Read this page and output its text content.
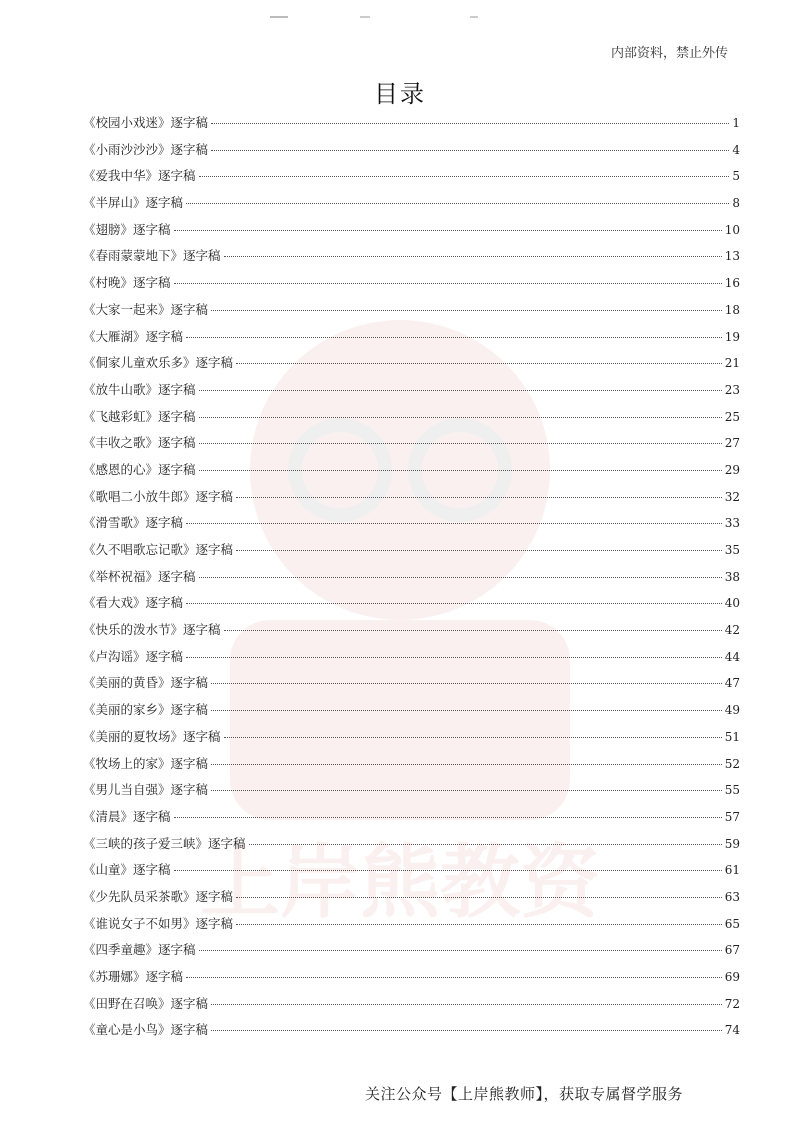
上岸熊教资
内部资料，禁止外传
目录
《校园小戏迷》逐字稿	1
《小雨沙沙沙》逐字稿	4
《爱我中华》逐字稿	5
《半屏山》逐字稿	8
《翅膀》逐字稿	10
《春雨蒙蒙地下》逐字稿	13
《村晚》逐字稿	16
《大家一起来》逐字稿	18
《大雁湖》逐字稿	19
《侗家儿童欢乐多》逐字稿	21
《放牛山歌》逐字稿	23
《飞越彩虹》逐字稿	25
《丰收之歌》逐字稿	27
《感恩的心》逐字稿	29
《歌唱二小放牛郎》逐字稿	32
《滑雪歌》逐字稿	33
《久不唱歌忘记歌》逐字稿	35
《举杯祝福》逐字稿	38
《看大戏》逐字稿	40
《快乐的泼水节》逐字稿	42
《卢沟谣》逐字稿	44
《美丽的黄昏》逐字稿	47
《美丽的家乡》逐字稿	49
《美丽的夏牧场》逐字稿	51
《牧场上的家》逐字稿	52
《男儿当自强》逐字稿	55
《清晨》逐字稿	57
《三峡的孩子爱三峡》逐字稿	59
《山童》逐字稿	61
《少先队员采茶歌》逐字稿	63
《谁说女子不如男》逐字稿	65
《四季童趣》逐字稿	67
《苏珊娜》逐字稿	69
《田野在召唤》逐字稿	72
《童心是小鸟》逐字稿	74
关注公众号【上岸熊教师】，获取专属督学服务
